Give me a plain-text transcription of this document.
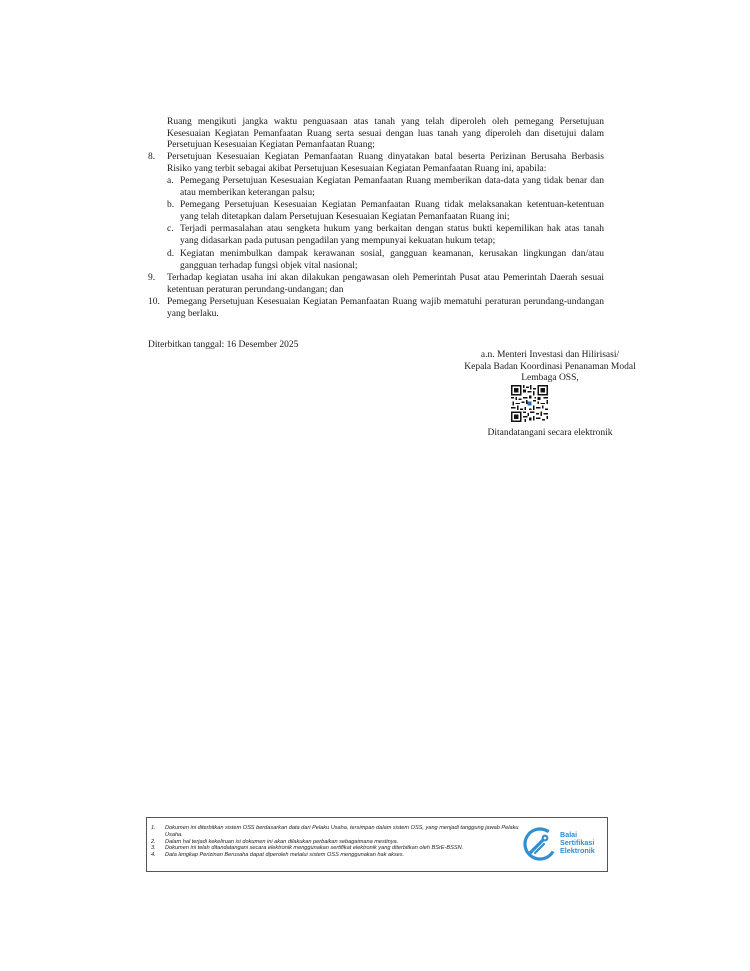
Ruang mengikuti jangka waktu penguasaan atas tanah yang telah diperoleh oleh pemegang Persetujuan Kesesuaian Kegiatan Pemanfaatan Ruang serta sesuai dengan luas tanah yang diperoleh dan disetujui dalam Persetujuan Kesesuaian Kegiatan Pemanfaatan Ruang;
8.	Persetujuan Kesesuaian Kegiatan Pemanfaatan Ruang dinyatakan batal beserta Perizinan Berusaha Berbasis Risiko yang terbit sebagai akibat Persetujuan Kesesuaian Kegiatan Pemanfaatan Ruang ini, apabila:
a. Pemegang Persetujuan Kesesuaian Kegiatan Pemanfaatan Ruang memberikan data-data yang tidak benar dan atau memberikan keterangan palsu;
b. Pemegang Persetujuan Kesesuaian Kegiatan Pemanfaatan Ruang tidak melaksanakan ketentuan-ketentuan yang telah ditetapkan dalam Persetujuan Kesesuaian Kegiatan Pemanfaatan Ruang ini;
c. Terjadi permasalahan atau sengketa hukum yang berkaitan dengan status bukti kepemilikan hak atas tanah yang didasarkan pada putusan pengadilan yang mempunyai kekuatan hukum tetap;
d. Kegiatan menimbulkan dampak kerawanan sosial, gangguan keamanan, kerusakan lingkungan dan/atau gangguan terhadap fungsi objek vital nasional;
9.	Terhadap kegiatan usaha ini akan dilakukan pengawasan oleh Pemerintah Pusat atau Pemerintah Daerah sesuai ketentuan peraturan perundang-undangan; dan
10. Pemegang Persetujuan Kesesuaian Kegiatan Pemanfaatan Ruang wajib mematuhi peraturan perundang-undangan yang berlaku.
Diterbitkan tanggal: 16 Desember 2025
a.n. Menteri Investasi dan Hilirisasi/
Kepala Badan Koordinasi Penanaman Modal
Lembaga OSS,
Ditandatangani secara elektronik
1.	Dokumen ini diterbitkan sistem OSS berdasarkan data dari Pelaku Usaha, tersimpan dalam sistem OSS, yang menjadi tanggung jawab Pelaku Usaha.
2.	Dalam hal terjadi kekeliruan isi dokumen ini akan dilakukan perbaikan sebagaimana mestinya.
3.	Dokumen ini telah ditandatangani secara elektronik menggunakan sertifikat elektronik yang diterbitkan oleh BSrE-BSSN.
4.	Data lengkap Perizinan Berusaha dapat diperoleh melalui sistem OSS menggunakan hak akses.
Balai
Sertifikasi
Elektronik
